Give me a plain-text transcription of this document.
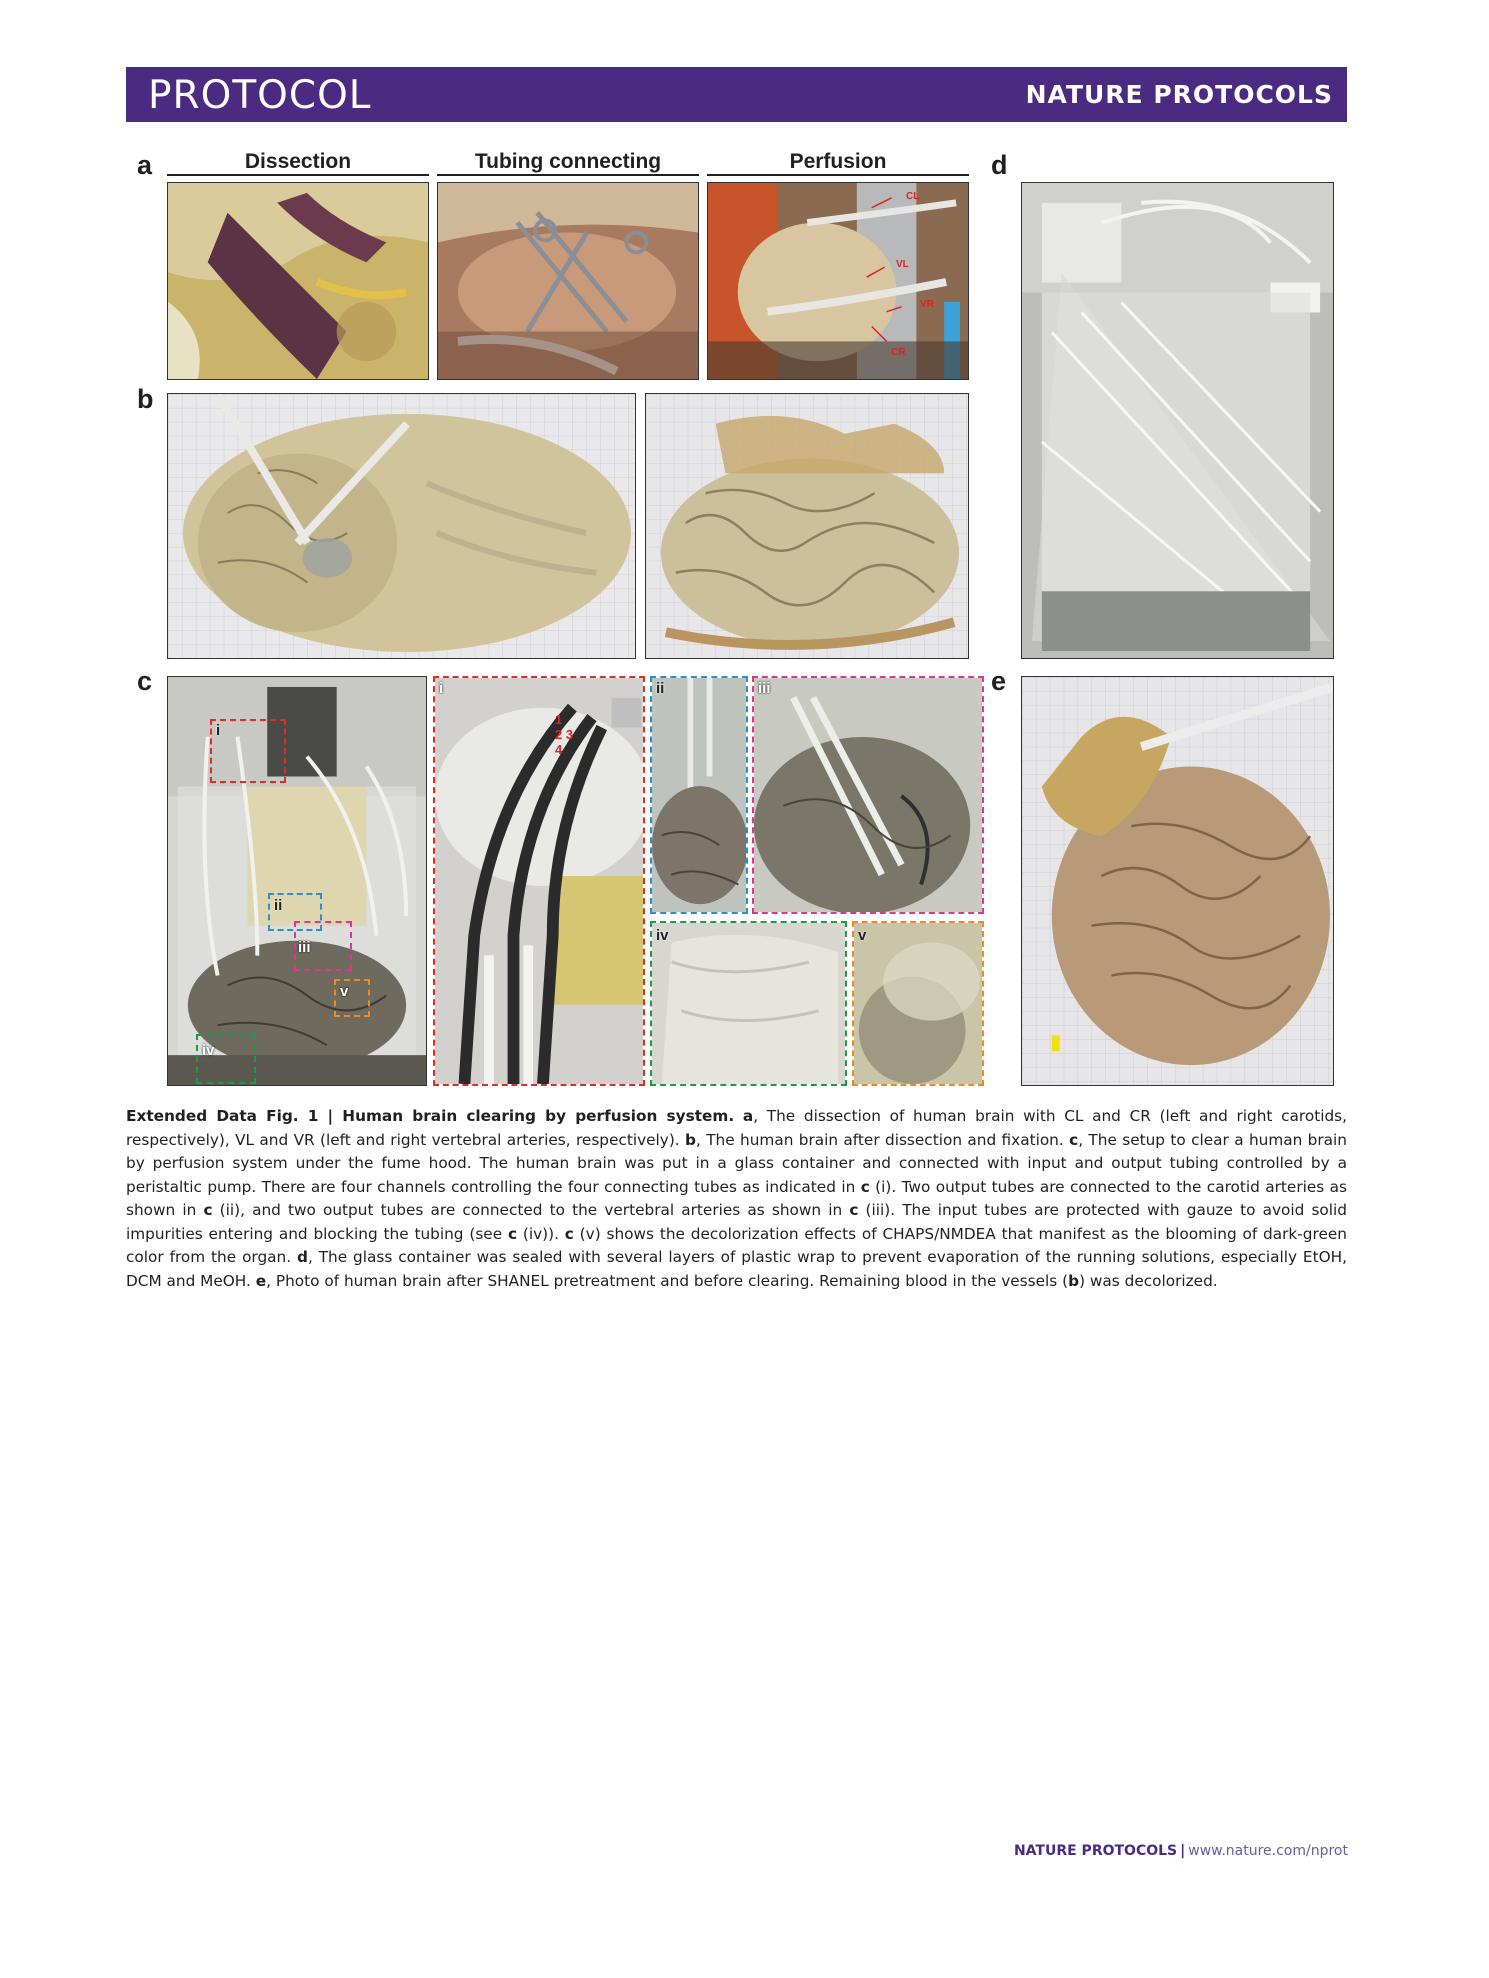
PROTOCOL	NATURE PROTOCOLS
a
b
c
d
e
Dissection	Tubing connecting	Perfusion
CL
VL
VR
CR
i
ii
iii
v
iv
i
1
2 3
4
ii	iii
iv	v
Extended Data Fig. 1 | Human brain clearing by perfusion system. a, The dissection of human brain with CL and CR (left and right carotids, respectively), VL and VR (left and right vertebral arteries, respectively). b, The human brain after dissection and fixation. c, The setup to clear a human brain by perfusion system under the fume hood. The human brain was put in a glass container and connected with input and output tubing controlled by a peristaltic pump. There are four channels controlling the four connecting tubes as indicated in c (i). Two output tubes are connected to the carotid arteries as shown in c (ii), and two output tubes are connected to the vertebral arteries as shown in c (iii). The input tubes are protected with gauze to avoid solid impurities entering and blocking the tubing (see c (iv)). c (v) shows the decolorization effects of CHAPS/NMDEA that manifest as the blooming of dark-green color from the organ. d, The glass container was sealed with several layers of plastic wrap to prevent evaporation of the running solutions, especially EtOH, DCM and MeOH. e, Photo of human brain after SHANEL pretreatment and before clearing. Remaining blood in the vessels (b) was decolorized.
NATURE PROTOCOLS | www.nature.com/nprot
